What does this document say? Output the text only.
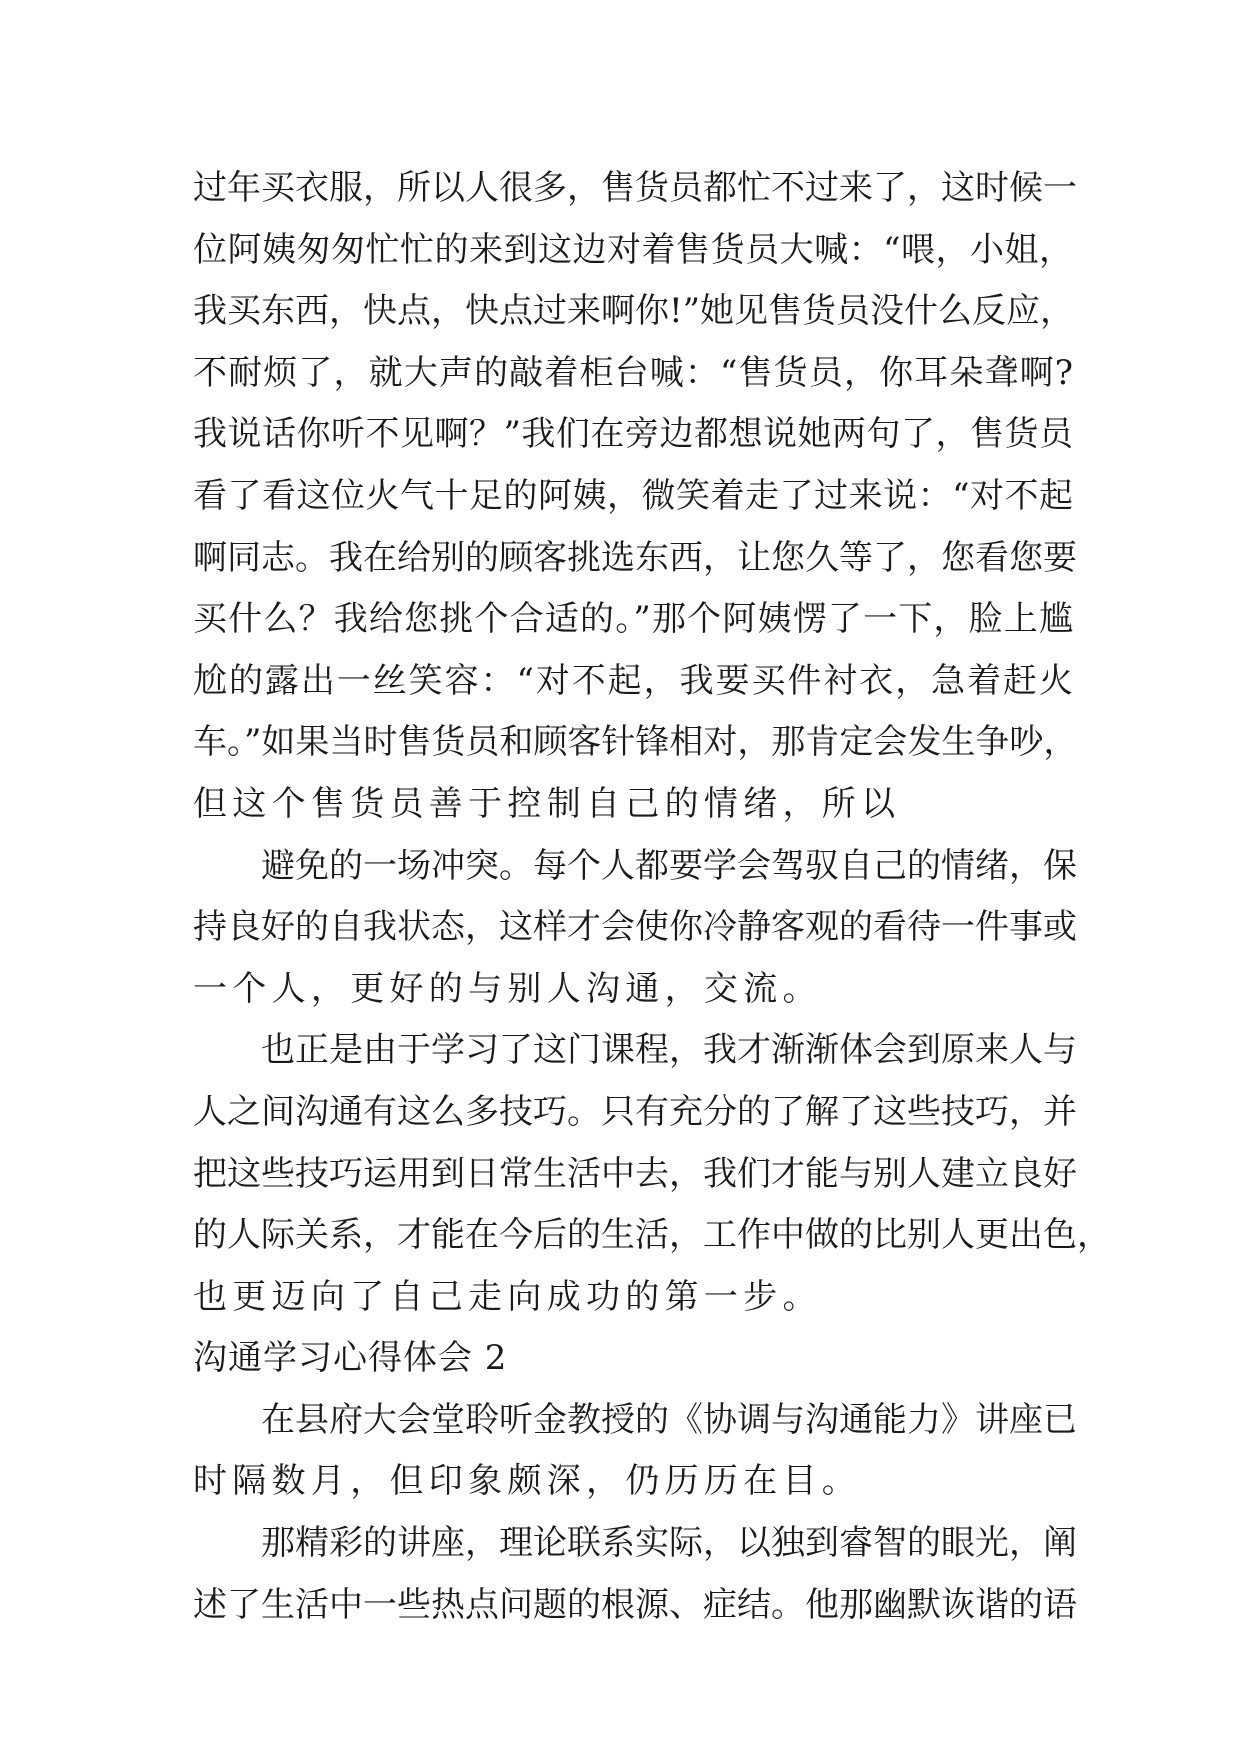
过年买衣服，所以人很多，售货员都忙不过来了，这时候一
位阿姨匆匆忙忙的来到这边对着售货员大喊：“喂，小姐，
我买东西，快点，快点过来啊你!”她见售货员没什么反应，
不耐烦了，就大声的敲着柜台喊：“售货员，你耳朵聋啊?
我说话你听不见啊？”我们在旁边都想说她两句了，售货员
看了看这位火气十足的阿姨，微笑着走了过来说：“对不起
啊同志。我在给别的顾客挑选东西，让您久等了，您看您要
买什么？我给您挑个合适的。”那个阿姨愣了一下，脸上尴
尬的露出一丝笑容：“对不起，我要买件衬衣，急着赶火
车。”如果当时售货员和顾客针锋相对，那肯定会发生争吵，
但这个售货员善于控制自己的情绪，所以
避免的一场冲突。每个人都要学会驾驭自己的情绪，保
持良好的自我状态，这样才会使你冷静客观的看待一件事或
一个人，更好的与别人沟通，交流。
也正是由于学习了这门课程，我才渐渐体会到原来人与
人之间沟通有这么多技巧。只有充分的了解了这些技巧，并
把这些技巧运用到日常生活中去，我们才能与别人建立良好
的人际关系，才能在今后的生活，工作中做的比别人更出色，
也更迈向了自己走向成功的第一步。
沟通学习心得体会 2
在县府大会堂聆听金教授的《协调与沟通能力》讲座已
时隔数月，但印象颇深，仍历历在目。
那精彩的讲座，理论联系实际，以独到睿智的眼光，阐
述了生活中一些热点问题的根源、症结。他那幽默诙谐的语
